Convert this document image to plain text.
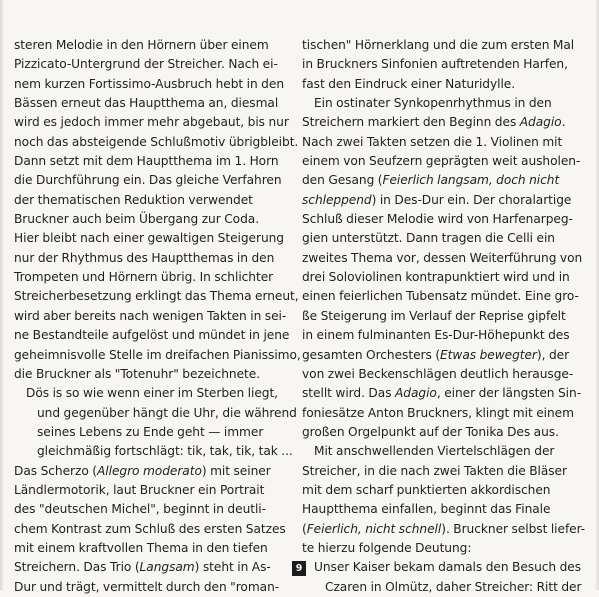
steren Melodie in den Hörnern über einem
Pizzicato-Untergrund der Streicher. Nach ei-
nem kurzen Fortissimo-Ausbruch hebt in den
Bässen erneut das Hauptthema an, diesmal
wird es jedoch immer mehr abgebaut, bis nur
noch das absteigende Schlußmotiv übrigbleibt.
Dann setzt mit dem Hauptthema im 1. Horn
die Durchführung ein. Das gleiche Verfahren
der thematischen Reduktion verwendet
Bruckner auch beim Übergang zur Coda.
Hier bleibt nach einer gewaltigen Steigerung
nur der Rhythmus des Hauptthemas in den
Trompeten und Hörnern übrig. In schlichter
Streicherbesetzung erklingt das Thema erneut,
wird aber bereits nach wenigen Takten in sei-
ne Bestandteile aufgelöst und mündet in jene
geheimnisvolle Stelle im dreifachen Pianissimo,
die Bruckner als "Totenuhr" bezeichnete.
Dös is so wie wenn einer im Sterben liegt,
und gegenüber hängt die Uhr, die während
seines Lebens zu Ende geht — immer
gleichmäßig fortschlägt: tik, tak, tik, tak ...
Das Scherzo (Allegro moderato) mit seiner
Ländlermotorik, laut Bruckner ein Portrait
des "deutschen Michel", beginnt in deutli-
chem Kontrast zum Schluß des ersten Satzes
mit einem kraftvollen Thema in den tiefen
Streichern. Das Trio (Langsam) steht in As-
Dur und trägt, vermittelt durch den "roman-
tischen" Hörnerklang und die zum ersten Mal
in Bruckners Sinfonien auftretenden Harfen,
fast den Eindruck einer Naturidylle.
Ein ostinater Synkopenrhythmus in den
Streichern markiert den Beginn des Adagio.
Nach zwei Takten setzen die 1. Violinen mit
einem von Seufzern geprägten weit ausholen-
den Gesang (Feierlich langsam, doch nicht
schleppend) in Des-Dur ein. Der choralartige
Schluß dieser Melodie wird von Harfenarpeg-
gien unterstützt. Dann tragen die Celli ein
zweites Thema vor, dessen Weiterführung von
drei Soloviolinen kontrapunktiert wird und in
einen feierlichen Tubensatz mündet. Eine gro-
ße Steigerung im Verlauf der Reprise gipfelt
in einem fulminanten Es-Dur-Höhepunkt des
gesamten Orchesters (Etwas bewegter), der
von zwei Beckenschlägen deutlich herausge-
stellt wird. Das Adagio, einer der längsten Sin-
foniesätze Anton Bruckners, klingt mit einem
großen Orgelpunkt auf der Tonika Des aus.
Mit anschwellenden Viertelschlägen der
Streicher, in die nach zwei Takten die Bläser
mit dem scharf punktierten akkordischen
Hauptthema einfallen, beginnt das Finale
(Feierlich, nicht schnell). Bruckner selbst liefer-
te hierzu folgende Deutung:
Unser Kaiser bekam damals den Besuch des
Czaren in Olmütz, daher Streicher: Ritt der
9
